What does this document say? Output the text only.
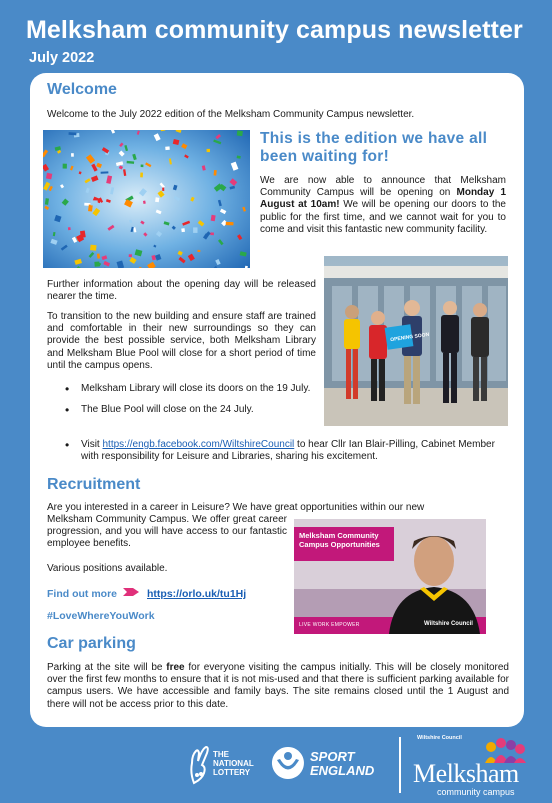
Melksham community campus newsletter
July 2022
Welcome
Welcome to the July 2022 edition of the Melksham Community Campus newsletter.
This is the edition we have all been waiting for!
We are now able to announce that Melksham Community Campus will be opening on Monday 1 August at 10am! We will be opening our doors to the public for the first time, and we cannot wait for you to come and visit this fantastic new community facility.
OPENING SOON
Further information about the opening day will be released nearer the time.
To transition to the new building and ensure staff are trained and comfortable in their new surroundings so they can provide the best possible service, both Melksham Library and Melksham Blue Pool will close for a short period of time until the campus opens.
• Melksham Library will close its doors on the 19 July.
• The Blue Pool will close on the 24 July.
• Visit https://engb.facebook.com/WiltshireCouncil to hear Cllr Ian Blair-Pilling, Cabinet Member with responsibility for Leisure and Libraries, sharing his excitement.
Recruitment
Are you interested in a career in Leisure? We have great opportunities within our new
Melksham Community Campus. We offer great career progression, and you will have access to our fantastic employee benefits.
Various positions available.
Find out more	https://orlo.uk/tu1Hj
#LoveWhereYouWork
Melksham Community Campus Opportunities
LIVE WORK EMPOWER	Wiltshire Council
Car parking
Parking at the site will be free for everyone visiting the campus initially. This will be closely monitored over the first few months to ensure that it is not mis-used and that there is sufficient parking available for campus users. We have accessible and family bays. The site remains closed until the 1 August and there will not be access prior to this date.
THE
NATIONAL
LOTTERY
SPORT
ENGLAND
Wiltshire Council
Melksham
community campus
